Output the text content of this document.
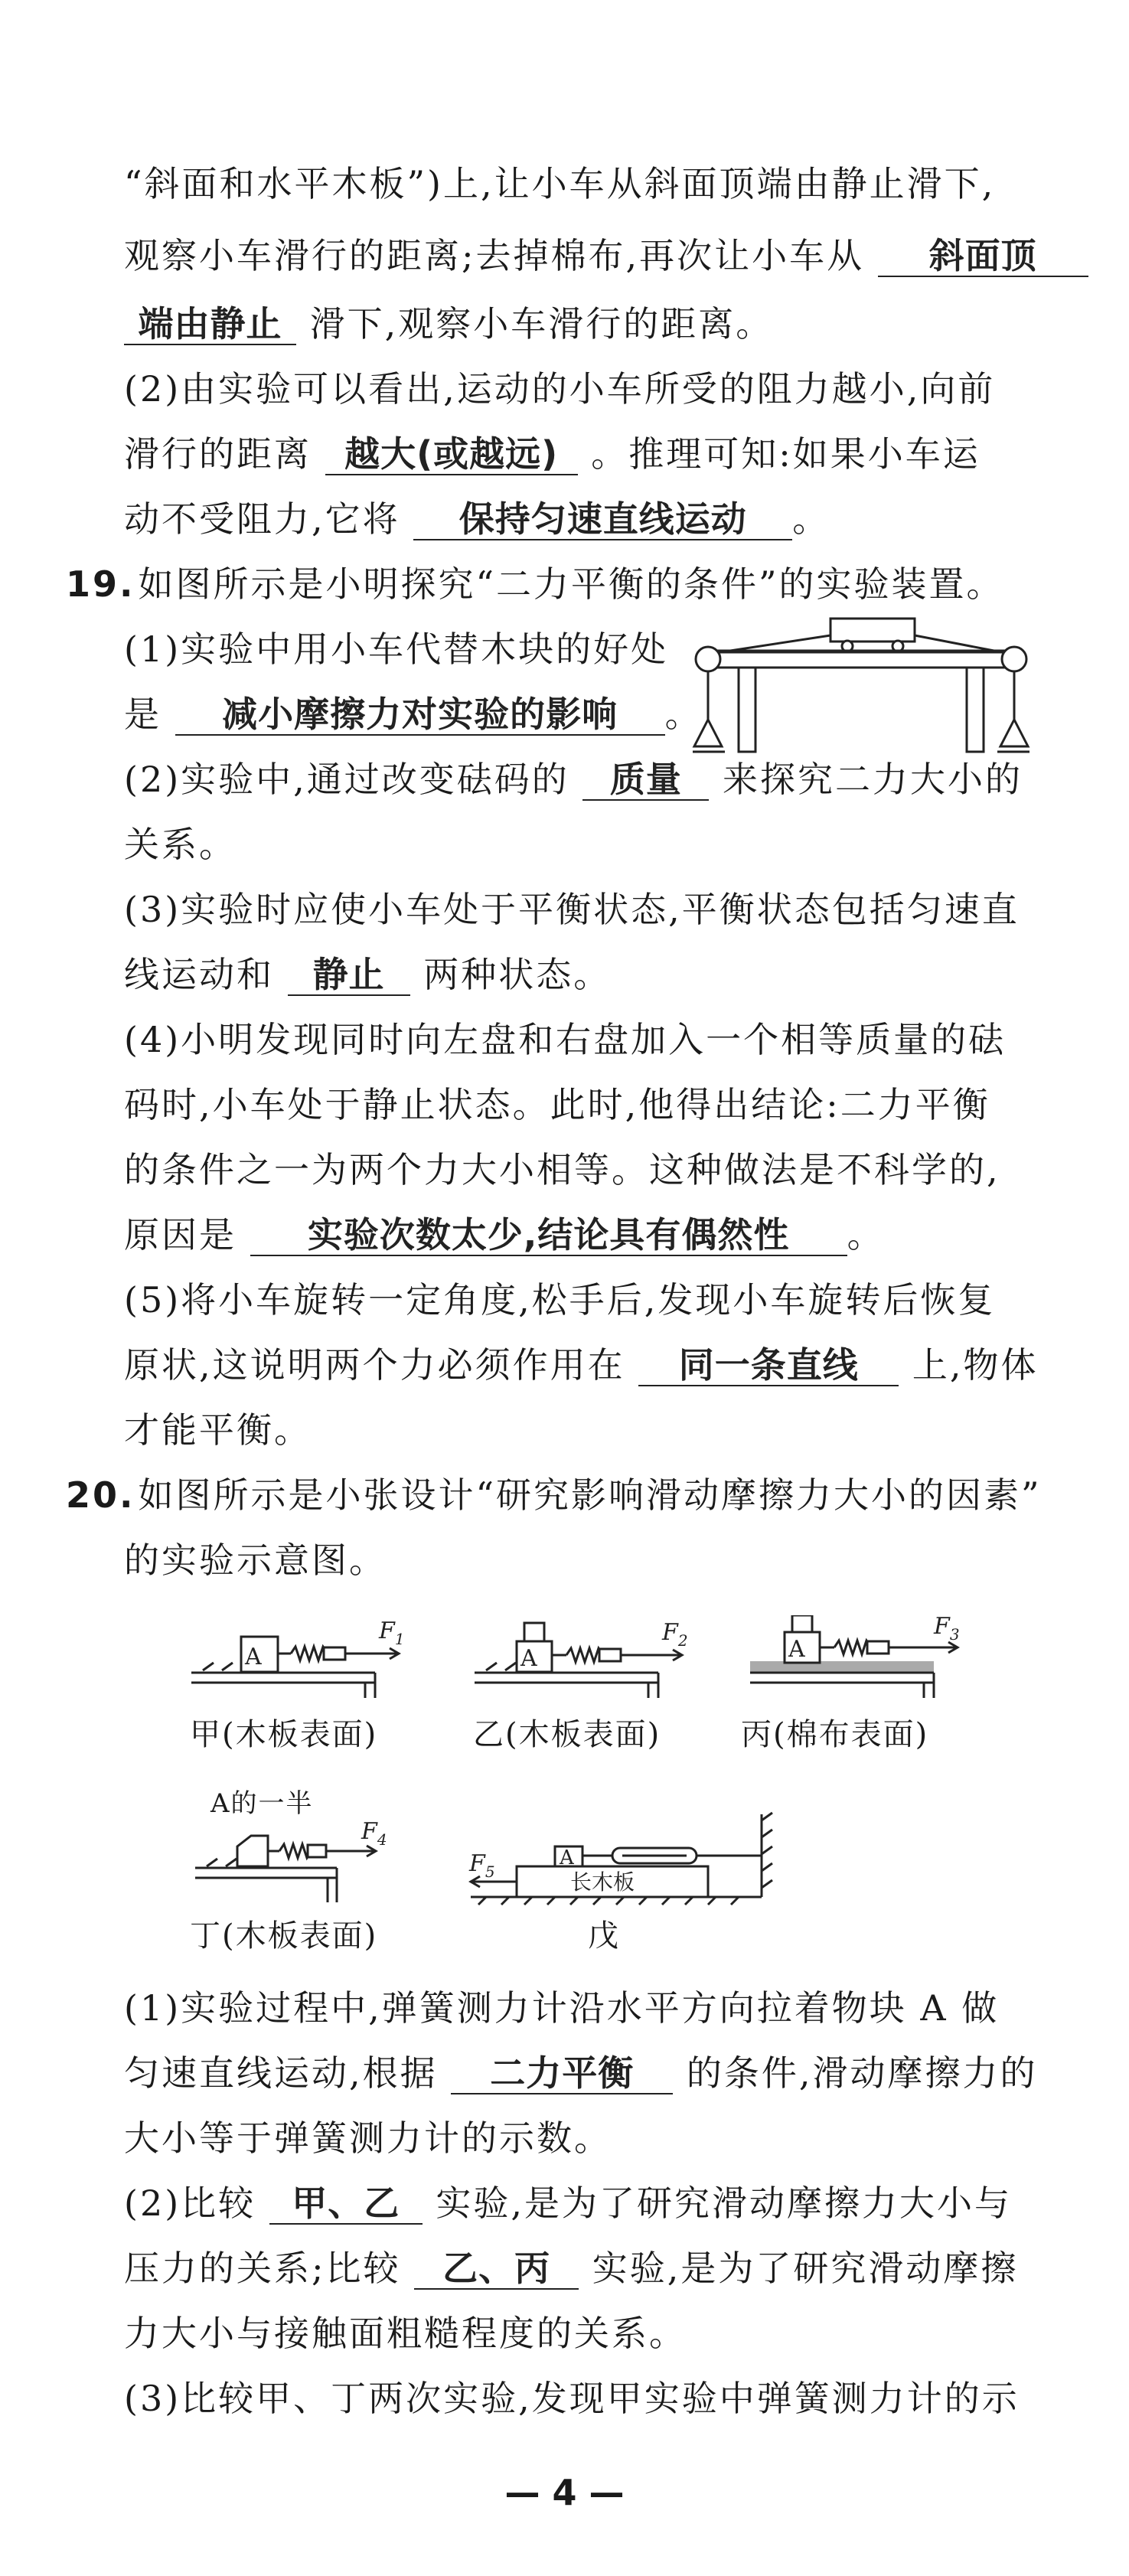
“斜面和水平木板”)上,让小车从斜面顶端由静止滑下,
观察小车滑行的距离;去掉棉布,再次让小车从 斜面顶
端由静止 滑下,观察小车滑行的距离。
(2)由实验可以看出,运动的小车所受的阻力越小,向前
滑行的距离 越大(或越远) 。推理可知:如果小车运
动不受阻力,它将 保持匀速直线运动 。
19.如图所示是小明探究“二力平衡的条件”的实验装置。
(1)实验中用小车代替木块的好处
是 减小摩擦力对实验的影响 。
(2)实验中,通过改变砝码的 质量 来探究二力大小的
关系。
(3)实验时应使小车处于平衡状态,平衡状态包括匀速直
线运动和 静止 两种状态。
(4)小明发现同时向左盘和右盘加入一个相等质量的砝
码时,小车处于静止状态。此时,他得出结论:二力平衡
的条件之一为两个力大小相等。这种做法是不科学的,
原因是 实验次数太少,结论具有偶然性 。
(5)将小车旋转一定角度,松手后,发现小车旋转后恢复
原状,这说明两个力必须作用在 同一条直线 上,物体
才能平衡。
20.如图所示是小张设计“研究影响滑动摩擦力大小的因素”
的实验示意图。
A
$F_1$
A
$F_2$	A
$F_3$
甲(木板表面)	乙(木板表面)	丙(棉布表面)
A的一半
$F_4$
A
长木板
$F_5$
丁(木板表面)	戊
(1)实验过程中,弹簧测力计沿水平方向拉着物块 A 做
匀速直线运动,根据 二力平衡 的条件,滑动摩擦力的
大小等于弹簧测力计的示数。
(2)比较 甲、乙 实验,是为了研究滑动摩擦力大小与
压力的关系;比较 乙、丙 实验,是为了研究滑动摩擦
力大小与接触面粗糙程度的关系。
(3)比较甲、丁两次实验,发现甲实验中弹簧测力计的示
— 4 —
